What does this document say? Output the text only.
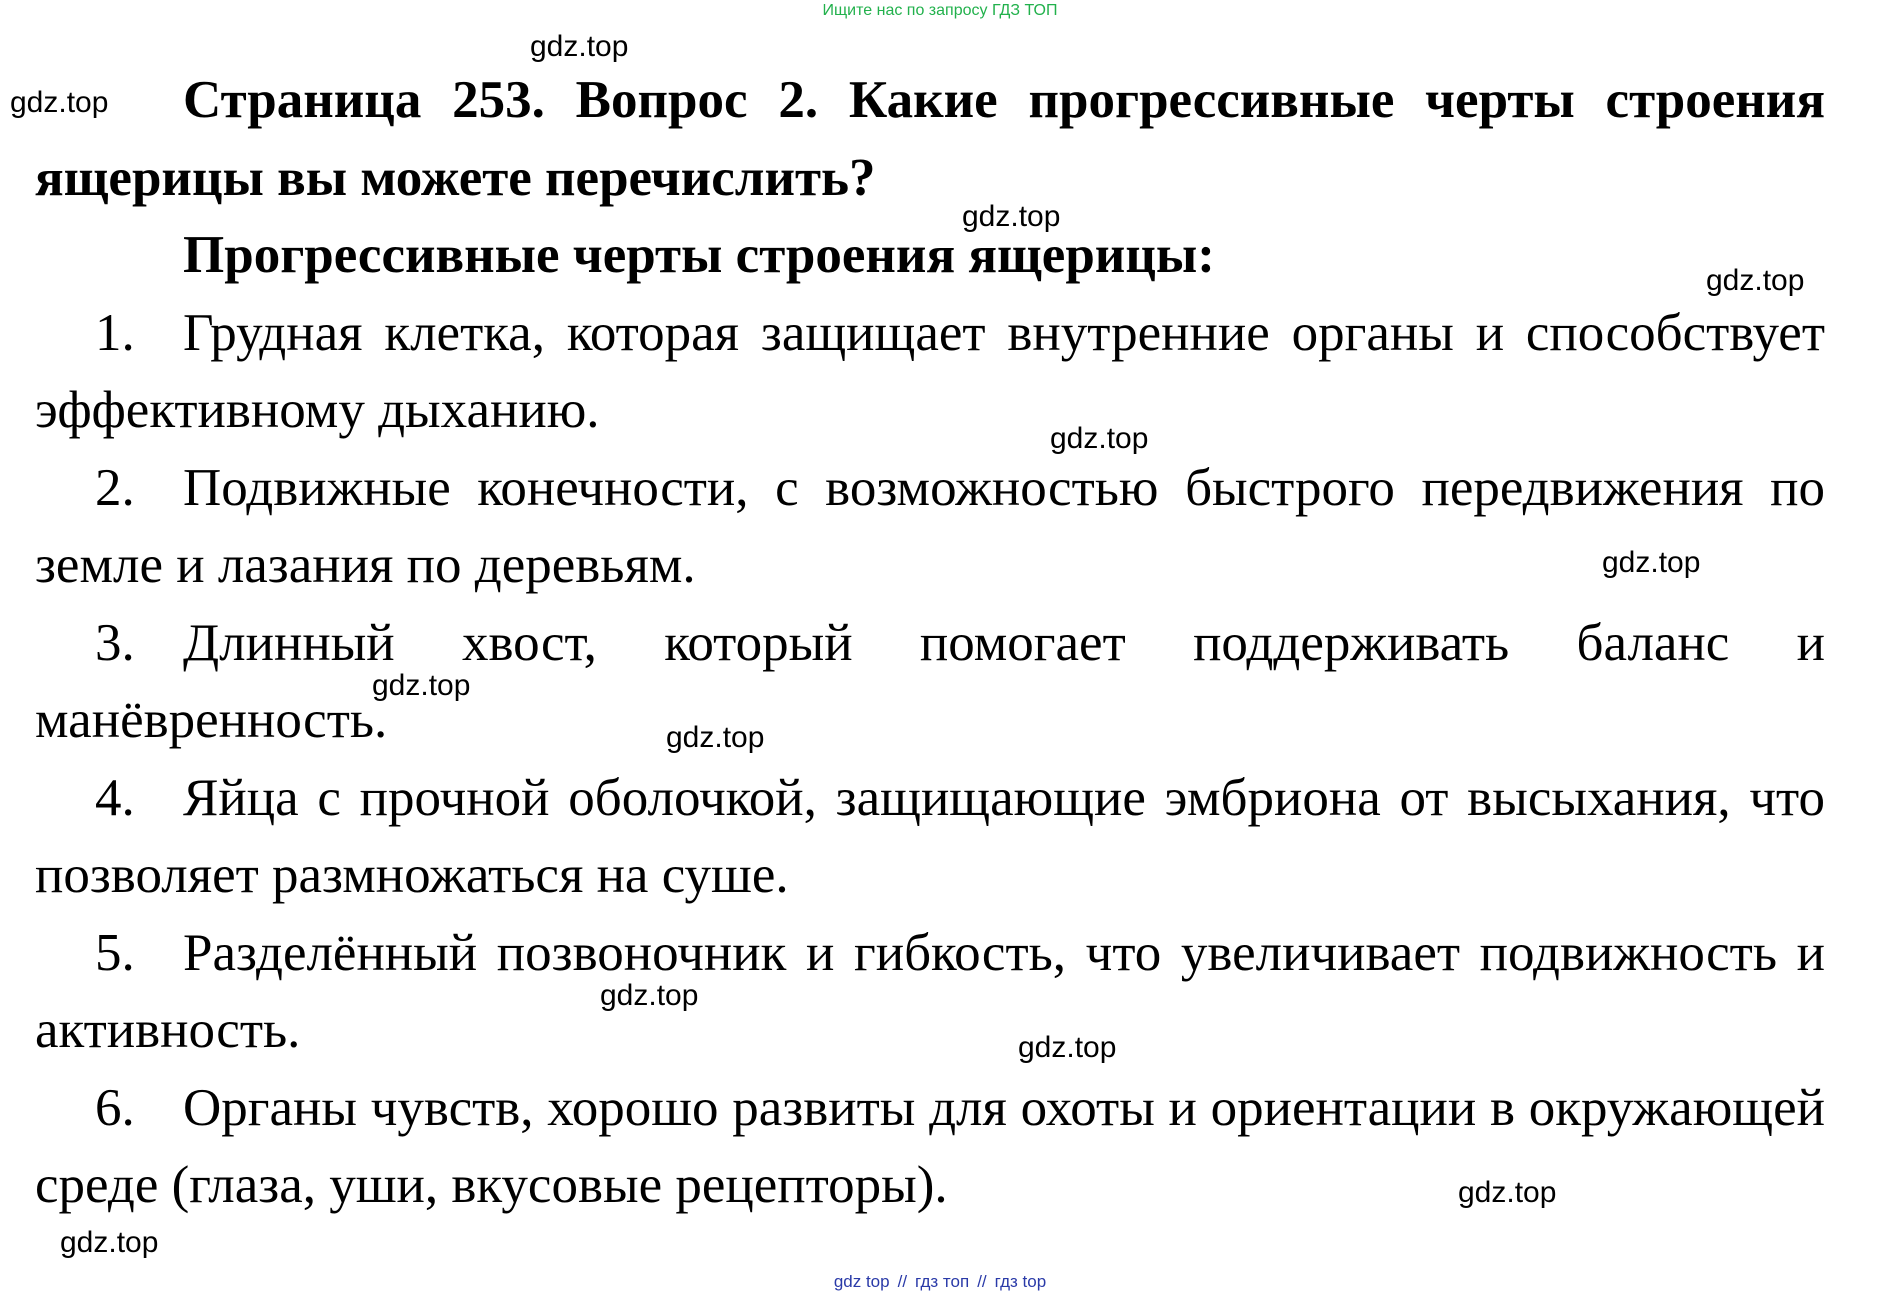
Ищите нас по запросу ГДЗ ТОП

Страница 253. Вопрос 2. Какие прогрессивные черты строения ящерицы вы можете перечислить?

Прогрессивные черты строения ящерицы:

1. Грудная клетка, которая защищает внутренние органы и способствует эффективному дыханию.

2. Подвижные конечности, с возможностью быстрого передвижения по земле и лазания по деревьям.

3. Длинный хвост, который помогает поддерживать баланс и манёвренность.

4. Яйца с прочной оболочкой, защищающие эмбриона от высыхания, что позволяет размножаться на суше.

5. Разделённый позвоночник и гибкость, что увеличивает подвижность и активность.

6. Органы чувств, хорошо развиты для охоты и ориентации в окружающей среде (глаза, уши, вкусовые рецепторы).

gdz.top
gdz.top
gdz.top
gdz.top
gdz.top
gdz.top
gdz.top
gdz.top
gdz.top
gdz.top
gdz.top
gdz.top
gdz top // гдз топ // гдз top
